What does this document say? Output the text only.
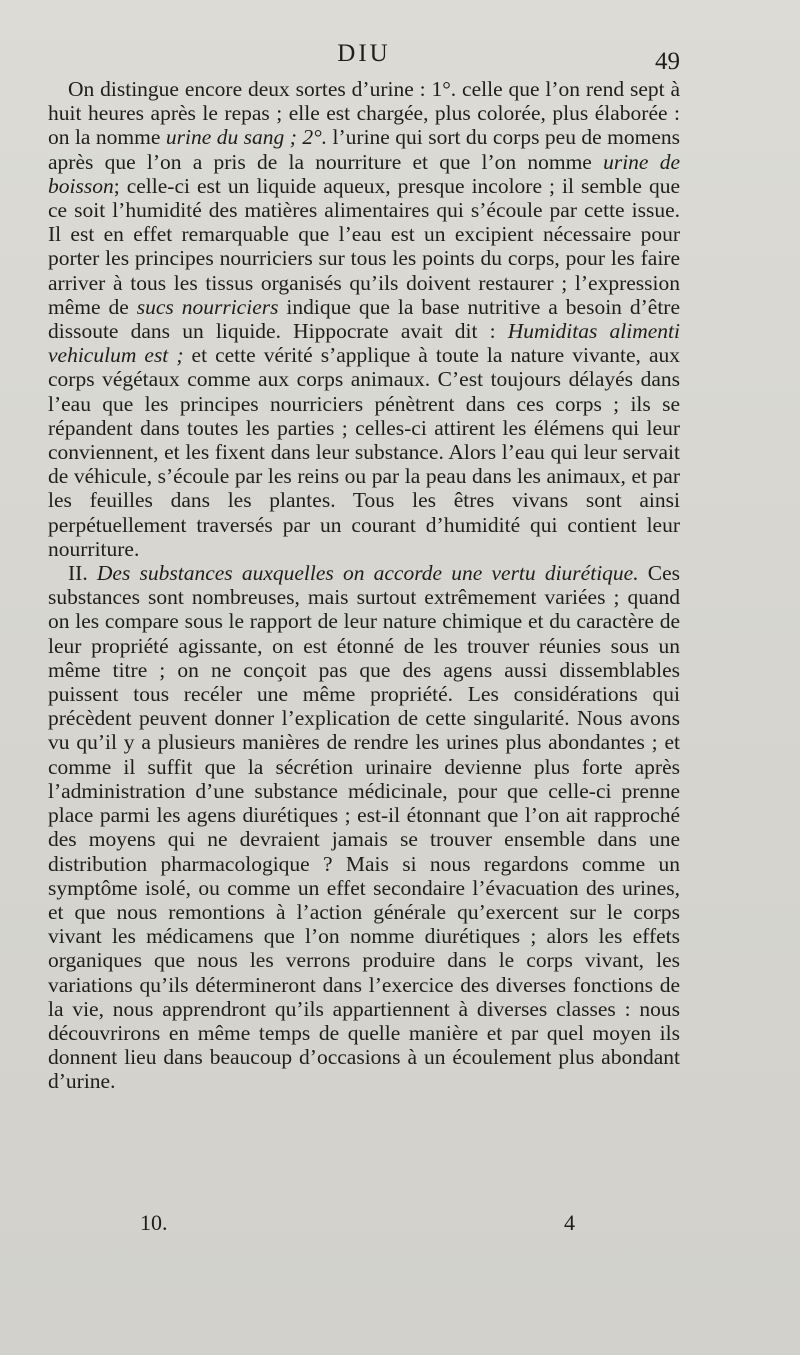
DIU	49

On distingue encore deux sortes d’urine : 1°. celle que l’on rend sept à huit heures après le repas ; elle est chargée, plus colorée, plus élaborée : on la nomme urine du sang ; 2°. l’urine qui sort du corps peu de momens après que l’on a pris de la nourriture et que l’on nomme urine de boisson; celle-ci est un liquide aqueux, presque incolore ; il semble que ce soit l’humidité des matières alimentaires qui s’écoule par cette issue. Il est en effet remarquable que l’eau est un excipient nécessaire pour porter les principes nourriciers sur tous les points du corps, pour les faire arriver à tous les tissus organisés qu’ils doivent restaurer ; l’expression même de sucs nourriciers indique que la base nutritive a besoin d’être dissoute dans un liquide. Hippocrate avait dit : Humiditas alimenti vehiculum est ; et cette vérité s’applique à toute la nature vivante, aux corps végétaux comme aux corps animaux. C’est toujours délayés dans l’eau que les principes nourriciers pénètrent dans ces corps ; ils se répandent dans toutes les parties ; celles-ci attirent les élémens qui leur conviennent, et les fixent dans leur substance. Alors l’eau qui leur servait de véhicule, s’écoule par les reins ou par la peau dans les animaux, et par les feuilles dans les plantes. Tous les êtres vivans sont ainsi perpétuellement traversés par un courant d’humidité qui contient leur nourriture.

II. Des substances auxquelles on accorde une vertu diurétique. Ces substances sont nombreuses, mais surtout extrêmement variées ; quand on les compare sous le rapport de leur nature chimique et du caractère de leur propriété agissante, on est étonné de les trouver réunies sous un même titre ; on ne conçoit pas que des agens aussi dissemblables puissent tous recéler une même propriété. Les considérations qui précèdent peuvent donner l’explication de cette singularité. Nous avons vu qu’il y a plusieurs manières de rendre les urines plus abondantes ; et comme il suffit que la sécrétion urinaire devienne plus forte après l’administration d’une substance médicinale, pour que celle-ci prenne place parmi les agens diurétiques ; est-il étonnant que l’on ait rapproché des moyens qui ne devraient jamais se trouver ensemble dans une distribution pharmacologique ? Mais si nous regardons comme un symptôme isolé, ou comme un effet secondaire l’évacuation des urines, et que nous remontions à l’action générale qu’exercent sur le corps vivant les médicamens que l’on nomme diurétiques ; alors les effets organiques que nous les verrons produire dans le corps vivant, les variations qu’ils détermineront dans l’exercice des diverses fonctions de la vie, nous apprendront qu’ils appartiennent à diverses classes : nous découvrirons en même temps de quelle manière et par quel moyen ils donnent lieu dans beaucoup d’occasions à un écoulement plus abondant d’urine.

10.	4
